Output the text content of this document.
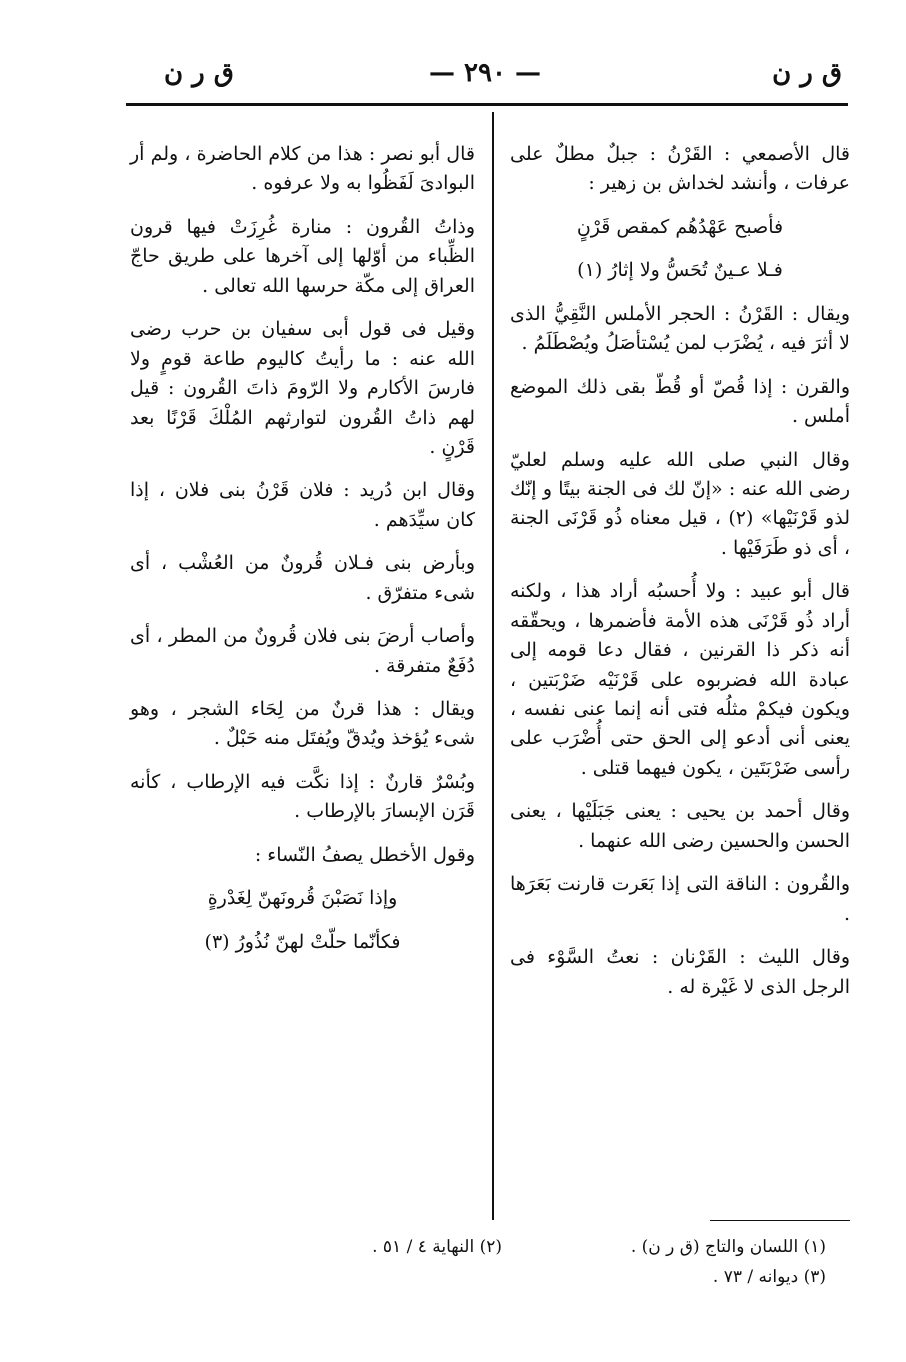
ق ر ن
— ٢٩٠ —
ق ر ن

قال الأصمعي : القَرْنُ : جبلٌ مطلٌ على عرفات ، وأنشد لخداش بن زهير :

فأصبح عَهْدُهُم كمقص قَرْنٍ

فـلا عـينٌ تُحَسُّ ولا إثارُ (١)

ويقال : القَرْنُ : الحجر الأملس النَّقِيُّ الذى لا أثرَ فيه ، يُضْرَب لمن يُسْتأصَلُ ويُصْطَلَمُ .

والقرن : إذا قُصّ أو قُطّ بقى ذلك الموضع أملس .

وقال النبي صلى الله عليه وسلم لعليّ رضى الله عنه : «إنّ لك فى الجنة بيتًا و إنّك لذو قَرْنَيْها» (٢) ، قيل معناه ذُو قَرْنَى الجنة ، أى ذو طَرَفَيْها .

قال أبو عبيد : ولا أُحسبُه أراد هذا ، ولكنه أراد ذُو قَرْنَى هذه الأمة فأضمرها ، ويحقّقه أنه ذكر ذا القرنين ، فقال دعا قومه إلى عبادة الله فضربوه على قَرْنَيْه ضَرْبَتين ، ويكون فيكمْ مثلُه فتى أنه إنما عنى نفسه ، يعنى أنى أدعو إلى الحق حتى أُضْرَب على رأسى ضَرْبَتَين ، يكون فيهما قتلى .

وقال أحمد بن يحيى : يعنى جَبَلَيْها ، يعنى الحسن والحسين رضى الله عنهما .

والقُرون : الناقة التى إذا بَعَرت قارنت بَعَرَها .

وقال الليث : القَرْنان : نعتُ السَّوْء فى الرجل الذى لا غَيْرة له .

قال أبو نصر : هذا من كلام الحاضرة ، ولم أر البوادىَ لَفَظُوا به ولا عرفوه .

وذاتُ القُرون : منارة غُرِزَتْ فيها قرون الظِّباء من أوّلها إلى آخرها على طريق حاجّ العراق إلى مكّة حرسها الله تعالى .

وقيل فى قول أبى سفيان بن حرب رضى الله عنه : ما رأيتُ كاليوم طاعة قومٍ ولا فارسَ الأكارم ولا الرّومَ ذاتَ القُرون : قيل لهم ذاتُ القُرون لتوارثهم المُلْكَ قَرْنًا بعد قَرْنٍ .

وقال ابن دُريد : فلان قَرْنُ بنى فلان ، إذا كان سيِّدَهم .

وبأرض بنى فـلان قُرونٌ من العُشْب ، أى شىء متفرّق .

وأصاب أرضَ بنى فلان قُرونٌ من المطر ، أى دُفَعٌ متفرقة .

ويقال : هذا قرنٌ من لِحَاء الشجر ، وهو شىء يُؤخذ ويُدقّ ويُفتَل منه حَبْلٌ .

وبُسْرٌ قارنٌ : إذا نكَّت فيه الإرطاب ، كأنه قَرَن الإبسارَ بالإرطاب .

وقول الأخطل يصفُ النّساء :

وإذا نَصَبْنَ قُرونَهنّ لِغَدْرةٍ

فكأنّما حلّتْ لهنّ نُذُورُ (٣)

(١) اللسان والتاج (ق ر ن) .
(٣) ديوانه / ٧٣ .
(٢) النهاية ٤ / ٥١ .
